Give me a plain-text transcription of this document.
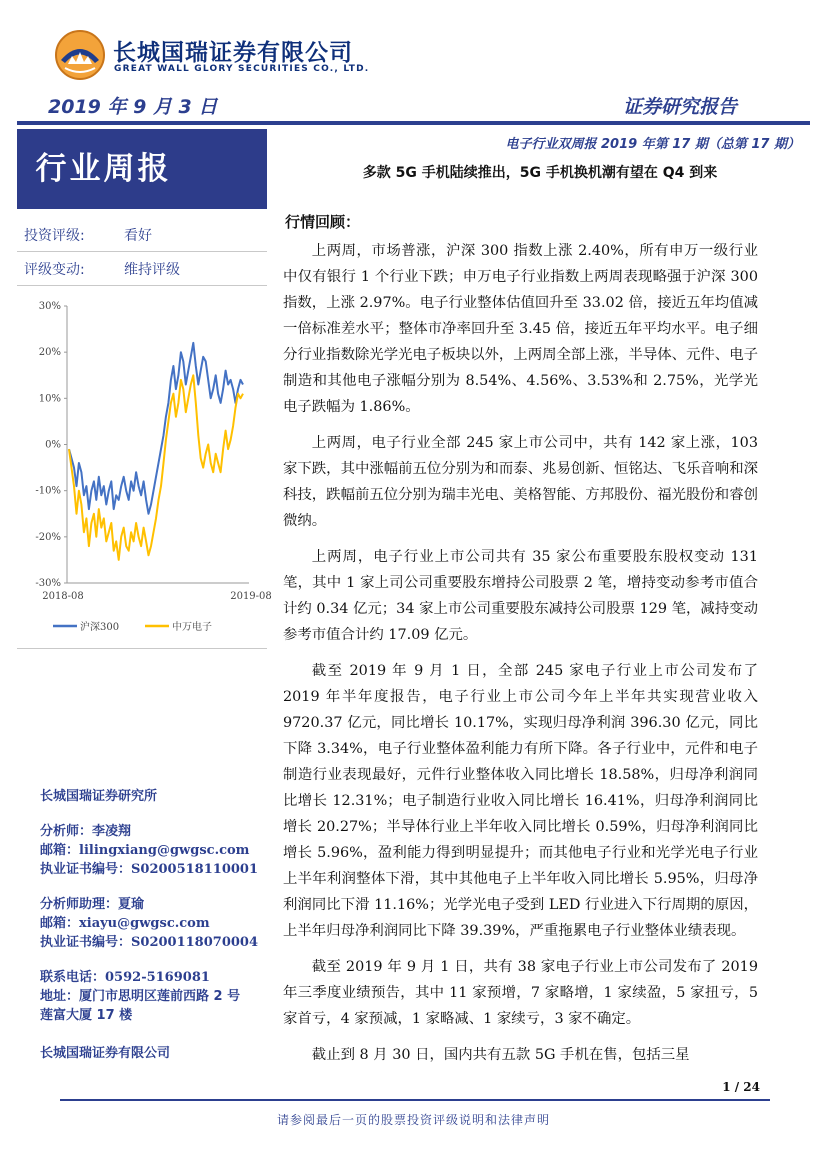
长城国瑞证券有限公司
GREAT WALL GLORY SECURITIES CO., LTD.
2019 年 9 月 3 日	证券研究报告
行业周报
投资评级:	看好
评级变动:	维持评级
30%
20%
10%
0%
-10%
-20%
-30%
2018-08	2019-08
沪深300	中万电子
长城国瑞证券研究所
分析师：李凌翔
邮箱：lilingxiang@gwgsc.com
执业证书编号：S0200518110001
分析师助理：夏瑜
邮箱：xiayu@gwgsc.com
执业证书编号：S0200118070004
联系电话：0592-5169081
地址：厦门市思明区莲前西路 2 号
莲富大厦 17 楼
长城国瑞证券有限公司
电子行业双周报 2019 年第 17 期（总第 17 期）
多款 5G 手机陆续推出，5G 手机换机潮有望在 Q4 到来
行情回顾：

上两周，市场普涨，沪深 300 指数上涨 2.40%，所有申万一级行业中仅有银行 1 个行业下跌；申万电子行业指数上两周表现略强于沪深 300 指数，上涨 2.97%。电子行业整体估值回升至 33.02 倍，接近五年均值减一倍标准差水平；整体市净率回升至 3.45 倍，接近五年平均水平。电子细分行业指数除光学光电子板块以外，上两周全部上涨，半导体、元件、电子制造和其他电子涨幅分别为 8.54%、4.56%、3.53%和 2.75%，光学光电子跌幅为 1.86%。

上两周，电子行业全部 245 家上市公司中，共有 142 家上涨，103 家下跌，其中涨幅前五位分别为和而泰、兆易创新、恒铭达、飞乐音响和深科技，跌幅前五位分别为瑞丰光电、美格智能、方邦股份、福光股份和睿创微纳。

上两周，电子行业上市公司共有 35 家公布重要股东股权变动 131 笔，其中 1 家上司公司重要股东增持公司股票 2 笔，增持变动参考市值合计约 0.34 亿元；34 家上市公司重要股东减持公司股票 129 笔，减持变动参考市值合计约 17.09 亿元。

截至 2019 年 9 月 1 日，全部 245 家电子行业上市公司发布了 2019 年半年度报告，电子行业上市公司今年上半年共实现营业收入 9720.37 亿元，同比增长 10.17%，实现归母净利润 396.30 亿元，同比下降 3.34%，电子行业整体盈利能力有所下降。各子行业中，元件和电子制造行业表现最好，元件行业整体收入同比增长 18.58%，归母净利润同比增长 12.31%；电子制造行业收入同比增长 16.41%，归母净利润同比增长 20.27%；半导体行业上半年收入同比增长 0.59%，归母净利润同比增长 5.96%，盈利能力得到明显提升；而其他电子行业和光学光电子行业上半年利润整体下滑，其中其他电子上半年收入同比增长 5.95%，归母净利润同比下滑 11.16%；光学光电子受到 LED 行业进入下行周期的原因，上半年归母净利润同比下降 39.39%，严重拖累电子行业整体业绩表现。

截至 2019 年 9 月 1 日，共有 38 家电子行业上市公司发布了 2019 年三季度业绩预告，其中 11 家预增，7 家略增，1 家续盈，5 家扭亏，5 家首亏，4 家预减，1 家略减、1 家续亏，3 家不确定。

截止到 8 月 30 日，国内共有五款 5G 手机在售，包括三星

1 / 24
请参阅最后一页的股票投资评级说明和法律声明
